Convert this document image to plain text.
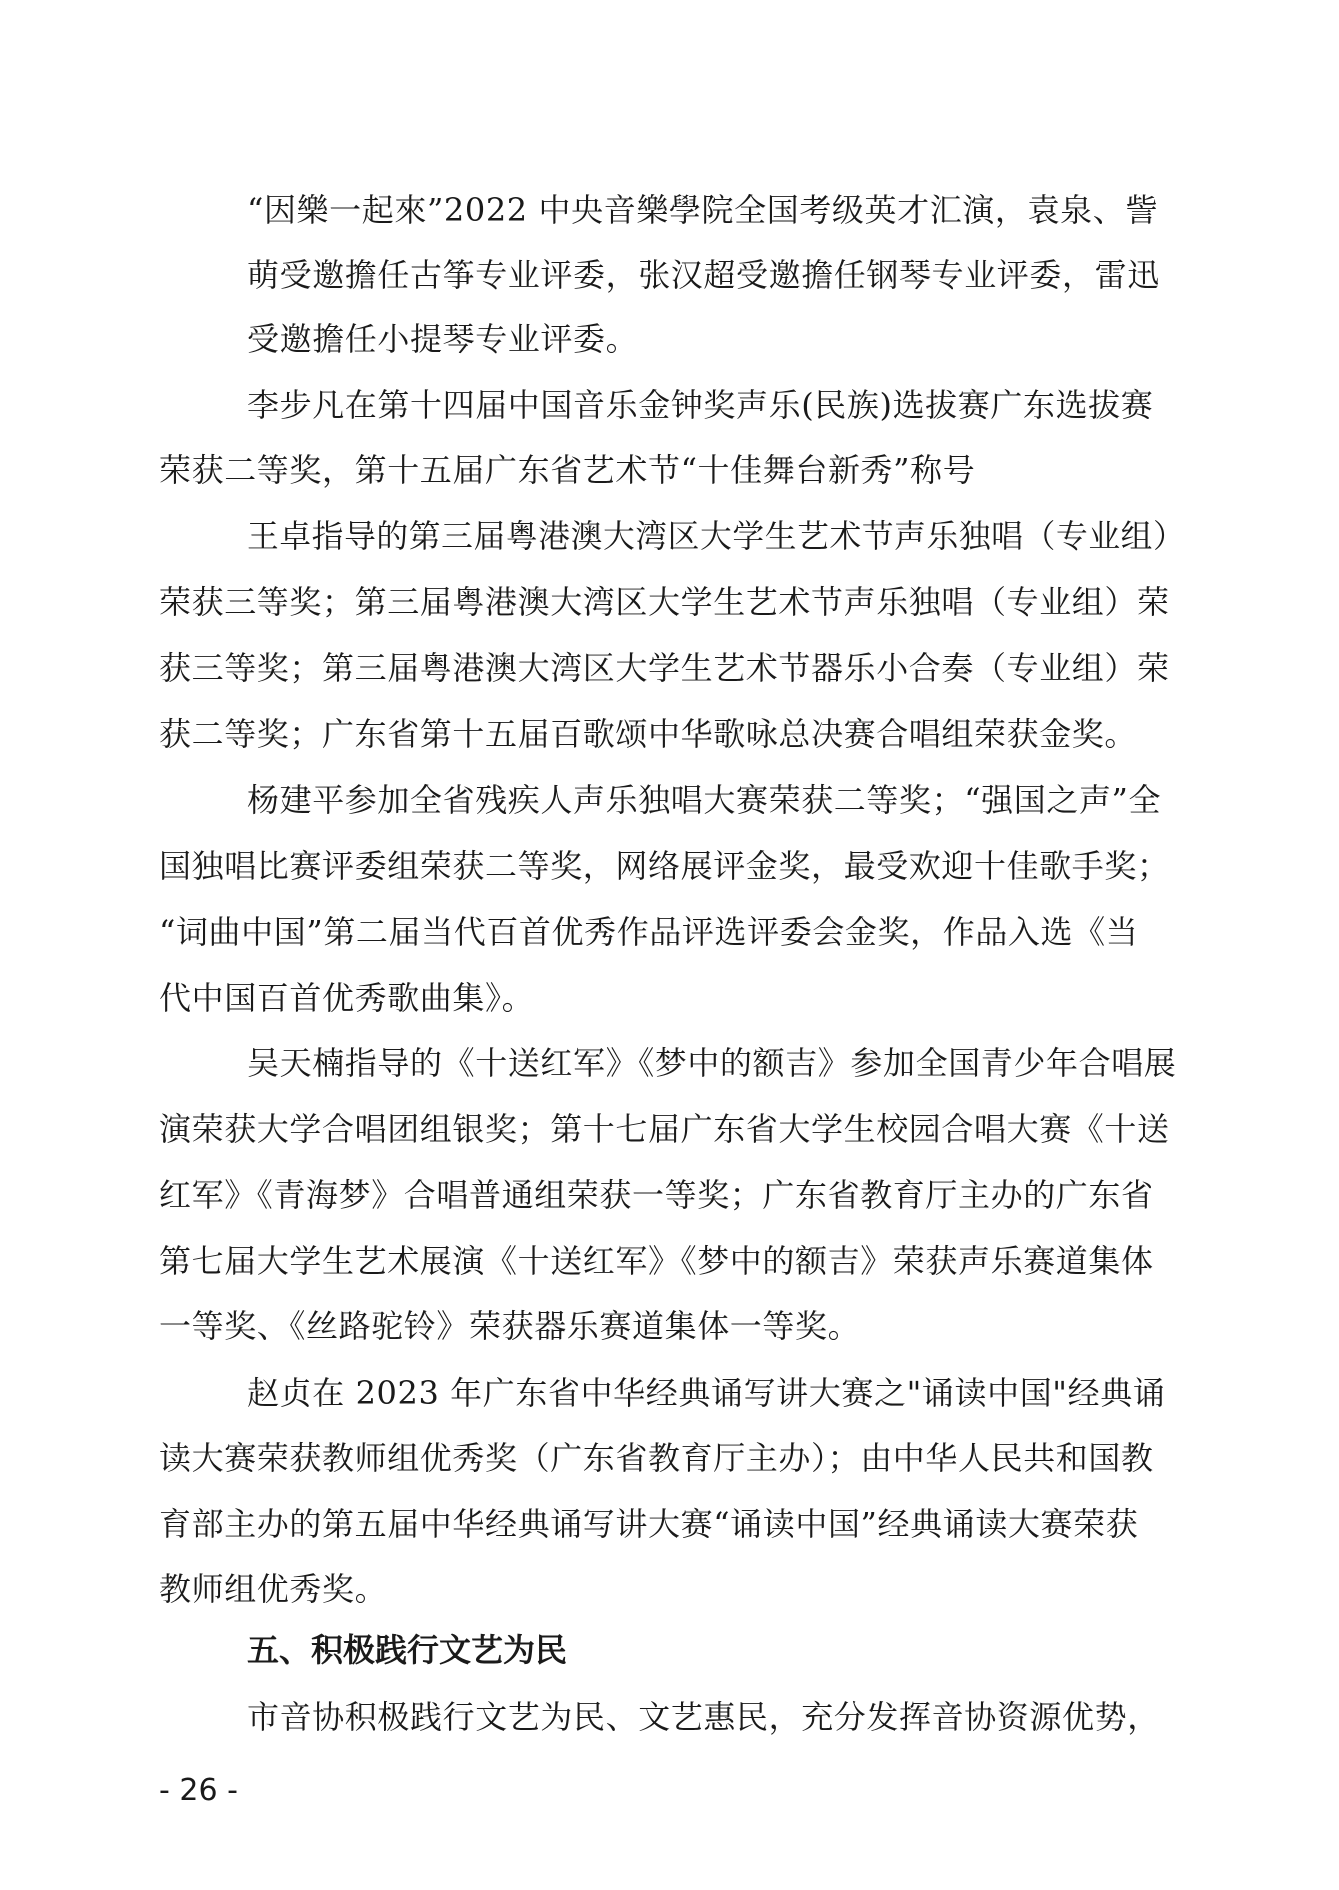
“因樂一起來”2022 中央音樂學院全国考级英才汇演，袁泉、訾
萌受邀擔任古筝专业评委，张汉超受邀擔任钢琴专业评委，雷迅
受邀擔任小提琴专业评委。
李步凡在第十四届中国音乐金钟奖声乐(民族)选拔赛广东选拔赛
荣获二等奖，第十五届广东省艺术节“十佳舞台新秀”称号
王卓指导的第三届粤港澳大湾区大学生艺术节声乐独唱（专业组）
荣获三等奖；第三届粤港澳大湾区大学生艺术节声乐独唱（专业组）荣
获三等奖；第三届粤港澳大湾区大学生艺术节器乐小合奏（专业组）荣
获二等奖；广东省第十五届百歌颂中华歌咏总决赛合唱组荣获金奖。
杨建平参加全省残疾人声乐独唱大赛荣获二等奖；“强国之声”全
国独唱比赛评委组荣获二等奖，网络展评金奖，最受欢迎十佳歌手奖；
“词曲中国”第二届当代百首优秀作品评选评委会金奖，作品入选《当
代中国百首优秀歌曲集》。
吴天楠指导的《十送红军》《梦中的额吉》参加全国青少年合唱展
演荣获大学合唱团组银奖；第十七届广东省大学生校园合唱大赛《十送
红军》《青海梦》合唱普通组荣获一等奖；广东省教育厅主办的广东省
第七届大学生艺术展演《十送红军》《梦中的额吉》荣获声乐赛道集体
一等奖、《丝路驼铃》荣获器乐赛道集体一等奖。
赵贞在 2023 年广东省中华经典诵写讲大赛之"诵读中国"经典诵
读大赛荣获教师组优秀奖（广东省教育厅主办）；由中华人民共和国教
育部主办的第五届中华经典诵写讲大赛“诵读中国”经典诵读大赛荣获
教师组优秀奖。
五、积极践行文艺为民
市音协积极践行文艺为民、文艺惠民，充分发挥音协资源优势，
- 26 -
